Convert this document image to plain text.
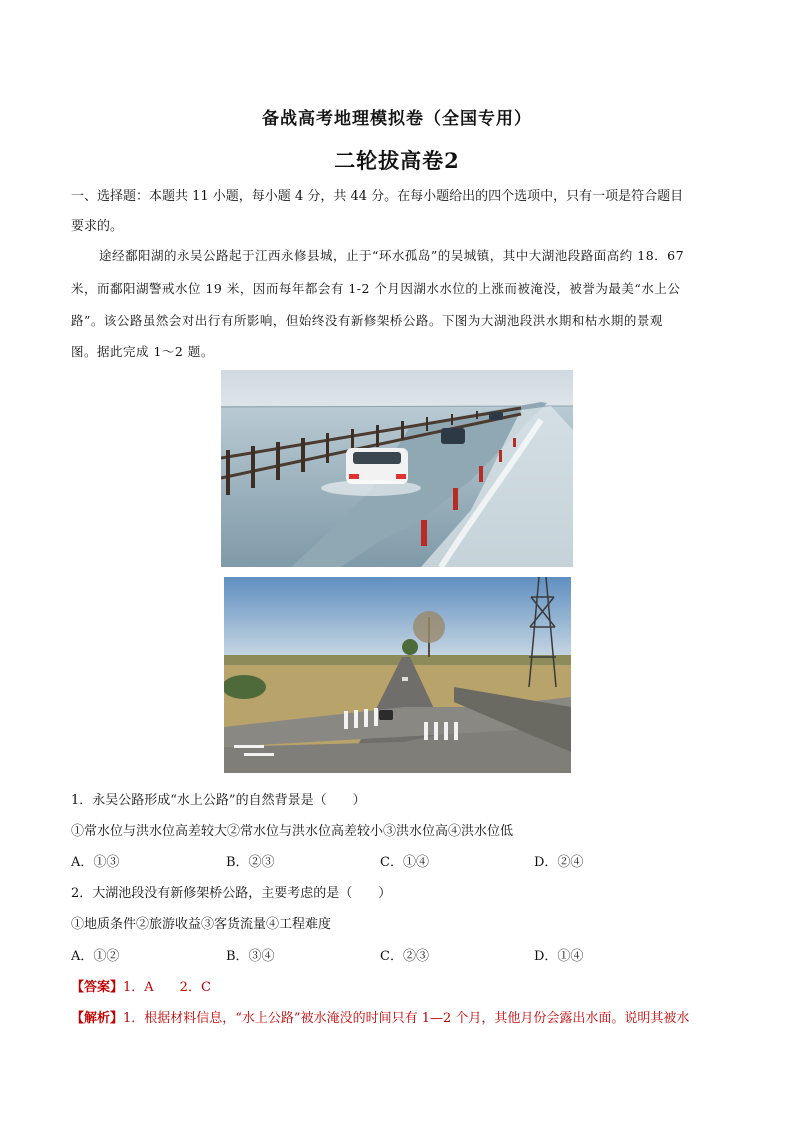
备战高考地理模拟卷（全国专用）
二轮拔高卷2
一、选择题：本题共 11 小题，每小题 4 分，共 44 分。在每小题给出的四个选项中，只有一项是符合题目
要求的。
途经鄱阳湖的永吴公路起于江西永修县城，止于“环水孤岛”的吴城镇，其中大湖池段路面高约 18．67
米，而鄱阳湖警戒水位 19 米，因而每年都会有 1-2 个月因湖水水位的上涨而被淹没，被誉为最美“水上公
路”。该公路虽然会对出行有所影响，但始终没有新修架桥公路。下图为大湖池段洪水期和枯水期的景观
图。据此完成 1～2 题。
1．永吴公路形成“水上公路”的自然背景是（　　）
①常水位与洪水位高差较大②常水位与洪水位高差较小③洪水位高④洪水位低
A．①③	B．②③	C．①④	D．②④
2．大湖池段没有新修架桥公路，主要考虑的是（　　）
①地质条件②旅游收益③客货流量④工程难度
A．①②	B．③④	C．②③	D．①④
【答案】1．A　　2．C
【解析】1．根据材料信息，“水上公路”被水淹没的时间只有 1—2 个月，其他月份会露出水面。说明其被水
